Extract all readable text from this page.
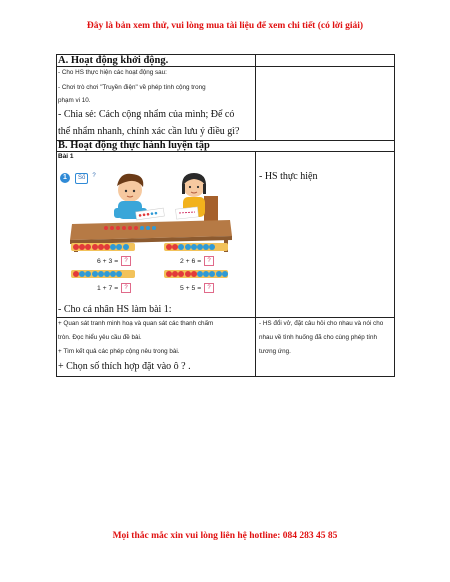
Đây là bản xem thử, vui lòng mua tài liệu để xem chi tiết (có lời giải)
A. Hoạt động khởi động.
- Cho HS thực hiện các hoạt động sau:
- Chơi trò chơi "Truyền điện" về phép tính cộng trong
phạm vi 10.
- Chia sẻ: Cách cộng nhẩm của mình; Để có
thể nhẩm nhanh, chính xác cần lưu ý điều gì?
B. Hoạt động thực hành luyện tập
Bài 1
- HS thực hiện
1 Số ?
6 + 3 = ?	2 + 6 = ?
1 + 7 = ?	5 + 5 = ?
- Cho cá nhân HS làm bài 1:
+ Quan sát tranh minh hoạ và quan sát các thanh chấm
tròn. Đọc hiểu yêu cầu đề bài.
+ Tìm kết quả các phép cộng nêu trong bài.
+ Chọn số thích hợp đặt vào ô ? .
- HS đổi vở, đặt câu hỏi cho nhau và nói cho
nhau về tình huống đã cho cùng phép tính
tương ứng.
Mọi thắc mắc xin vui lòng liên hệ hotline: 084 283 45 85
